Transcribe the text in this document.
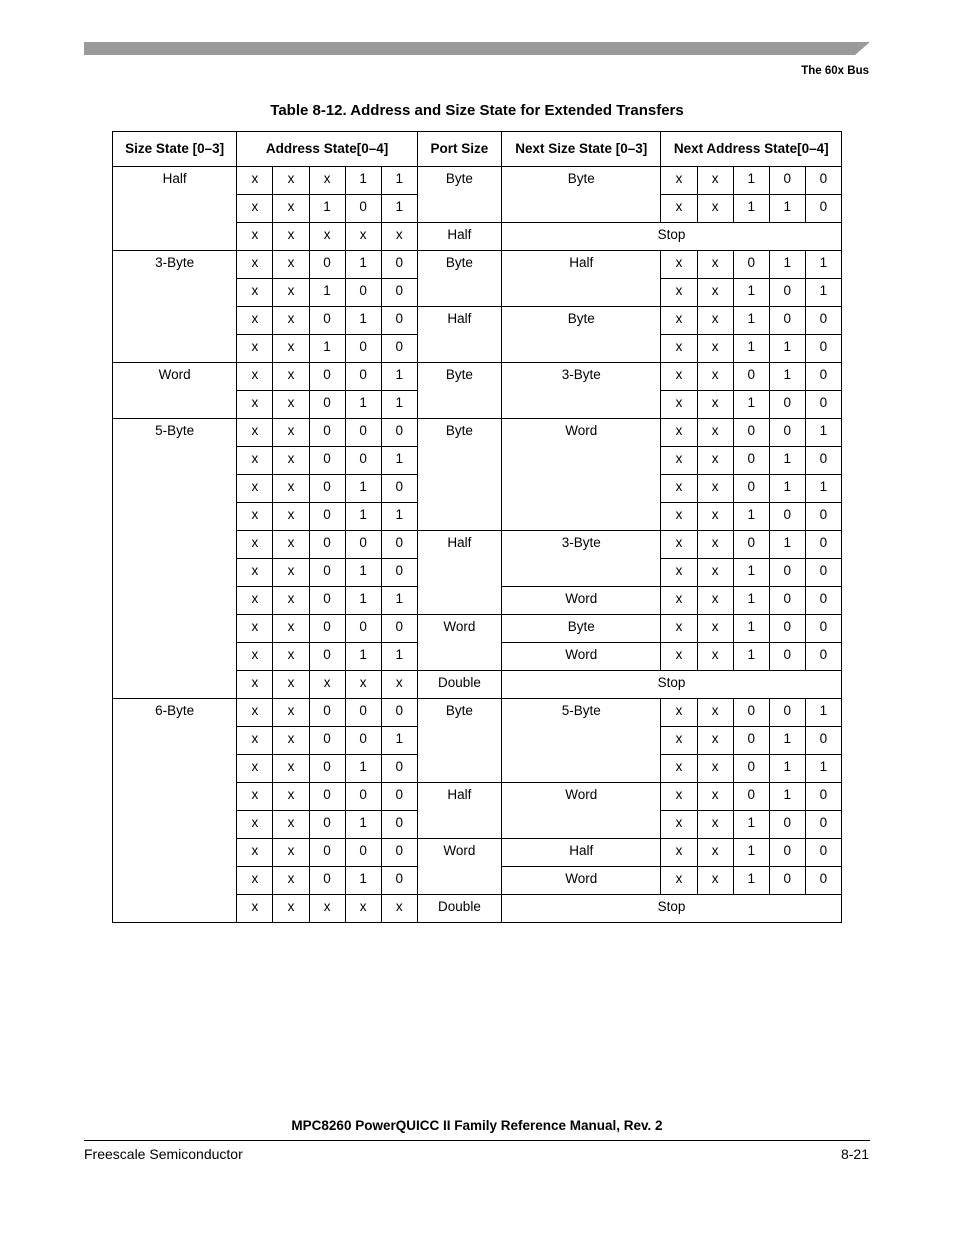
The 60x Bus
Table 8-12. Address and Size State for Extended Transfers
Size State [0–3]	Address State[0–4]					Port Size	Next Size State [0–3]	Next Address State[0–4]				
Half	x	x	x	1	1	Byte	Byte	x	x	1	0	0
	x	x	1	0	1			x	x	1	1	0
	x	x	x	x	x	Half	Stop					
3-Byte	x	x	0	1	0	Byte	Half	x	x	0	1	1
	x	x	1	0	0			x	x	1	0	1
	x	x	0	1	0	Half	Byte	x	x	1	0	0
	x	x	1	0	0			x	x	1	1	0
Word	x	x	0	0	1	Byte	3-Byte	x	x	0	1	0
	x	x	0	1	1			x	x	1	0	0
5-Byte	x	x	0	0	0	Byte	Word	x	x	0	0	1
	x	x	0	0	1			x	x	0	1	0
	x	x	0	1	0			x	x	0	1	1
	x	x	0	1	1			x	x	1	0	0
	x	x	0	0	0	Half	3-Byte	x	x	0	1	0
	x	x	0	1	0			x	x	1	0	0
	x	x	0	1	1		Word	x	x	1	0	0
	x	x	0	0	0	Word	Byte	x	x	1	0	0
	x	x	0	1	1		Word	x	x	1	0	0
	x	x	x	x	x	Double	Stop					
6-Byte	x	x	0	0	0	Byte	5-Byte	x	x	0	0	1
	x	x	0	0	1			x	x	0	1	0
	x	x	0	1	0			x	x	0	1	1
	x	x	0	0	0	Half	Word	x	x	0	1	0
	x	x	0	1	0			x	x	1	0	0
	x	x	0	0	0	Word	Half	x	x	1	0	0
	x	x	0	1	0		Word	x	x	1	0	0
	x	x	x	x	x	Double	Stop					
MPC8260 PowerQUICC II Family Reference Manual, Rev. 2
Freescale Semiconductor	8-21
